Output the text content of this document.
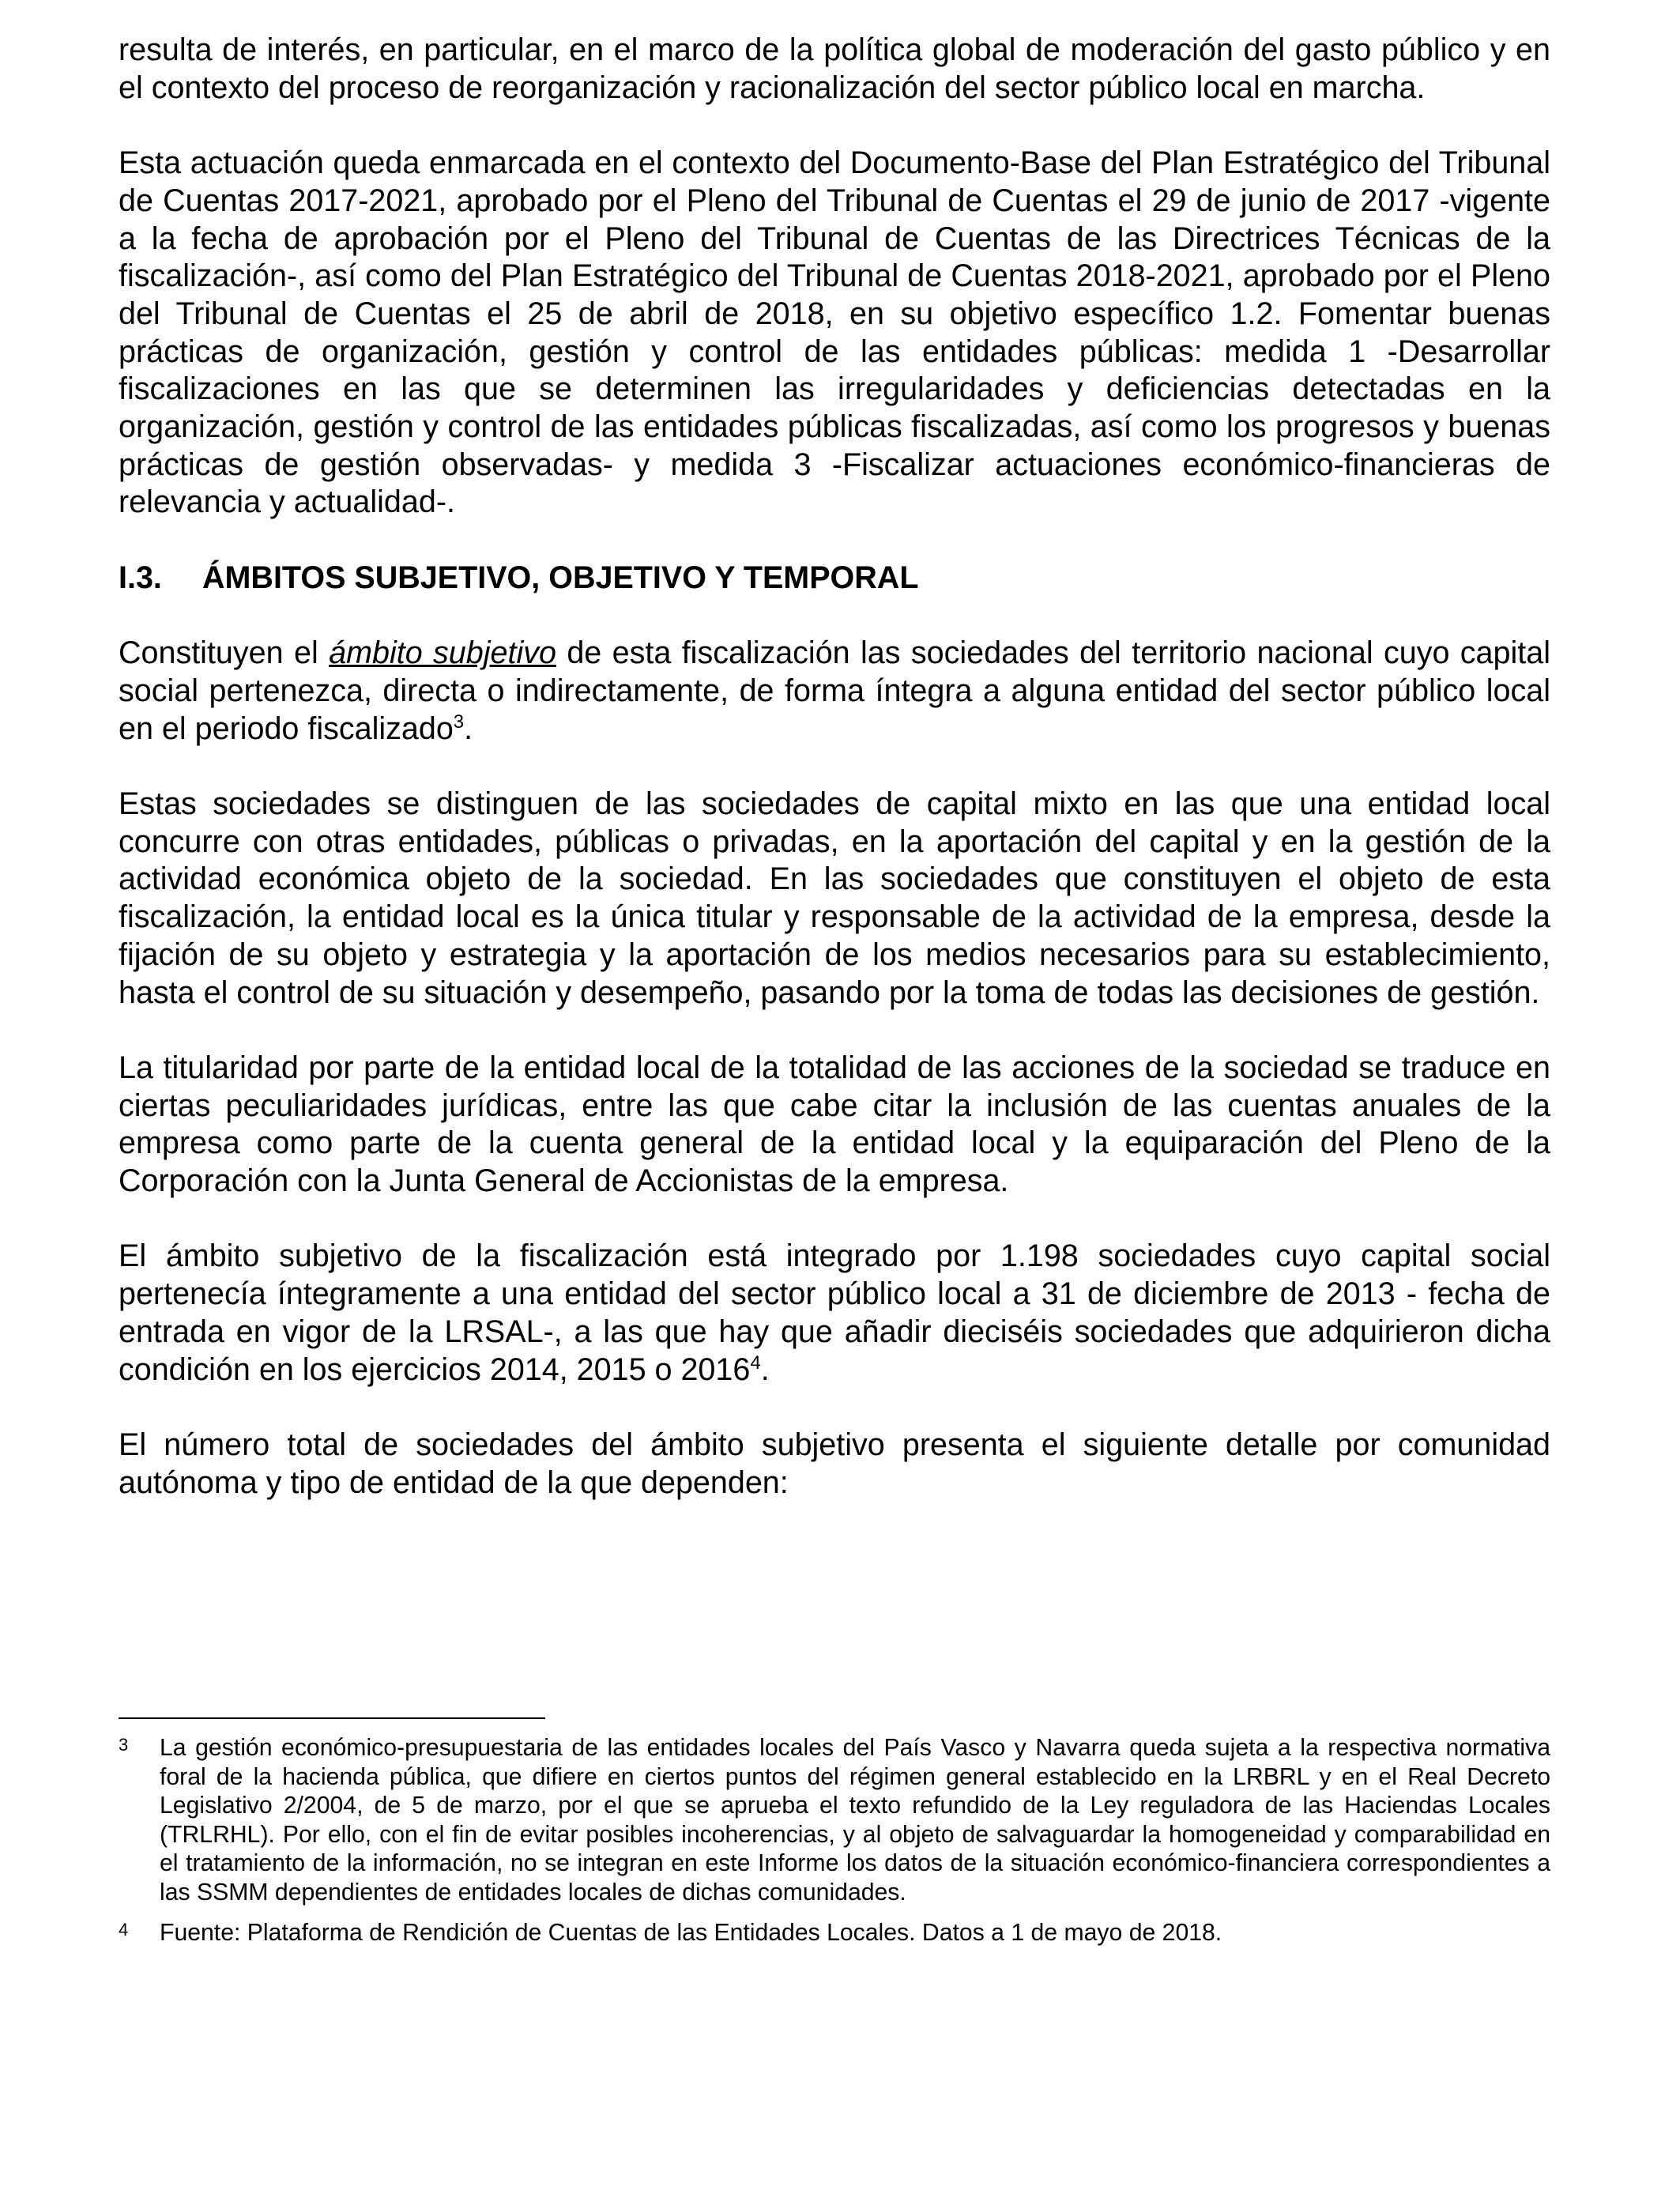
resulta de interés, en particular, en el marco de la política global de moderación del gasto público y en el contexto del proceso de reorganización y racionalización del sector público local en marcha.

Esta actuación queda enmarcada en el contexto del Documento-Base del Plan Estratégico del Tribunal de Cuentas 2017-2021, aprobado por el Pleno del Tribunal de Cuentas el 29 de junio de 2017 -vigente a la fecha de aprobación por el Pleno del Tribunal de Cuentas de las Directrices Técnicas de la fiscalización-, así como del Plan Estratégico del Tribunal de Cuentas 2018-2021, aprobado por el Pleno del Tribunal de Cuentas el 25 de abril de 2018, en su objetivo específico 1.2. Fomentar buenas prácticas de organización, gestión y control de las entidades públicas: medida 1 -Desarrollar fiscalizaciones en las que se determinen las irregularidades y deficiencias detectadas en la organización, gestión y control de las entidades públicas fiscalizadas, así como los progresos y buenas prácticas de gestión observadas- y medida 3 -Fiscalizar actuaciones económico-financieras de relevancia y actualidad-.

I.3. ÁMBITOS SUBJETIVO, OBJETIVO Y TEMPORAL

Constituyen el ámbito subjetivo de esta fiscalización las sociedades del territorio nacional cuyo capital social pertenezca, directa o indirectamente, de forma íntegra a alguna entidad del sector público local en el periodo fiscalizado$^3$.

Estas sociedades se distinguen de las sociedades de capital mixto en las que una entidad local concurre con otras entidades, públicas o privadas, en la aportación del capital y en la gestión de la actividad económica objeto de la sociedad. En las sociedades que constituyen el objeto de esta fiscalización, la entidad local es la única titular y responsable de la actividad de la empresa, desde la fijación de su objeto y estrategia y la aportación de los medios necesarios para su establecimiento, hasta el control de su situación y desempeño, pasando por la toma de todas las decisiones de gestión.

La titularidad por parte de la entidad local de la totalidad de las acciones de la sociedad se traduce en ciertas peculiaridades jurídicas, entre las que cabe citar la inclusión de las cuentas anuales de la empresa como parte de la cuenta general de la entidad local y la equiparación del Pleno de la Corporación con la Junta General de Accionistas de la empresa.

El ámbito subjetivo de la fiscalización está integrado por 1.198 sociedades cuyo capital social pertenecía íntegramente a una entidad del sector público local a 31 de diciembre de 2013 - fecha de entrada en vigor de la LRSAL-, a las que hay que añadir dieciséis sociedades que adquirieron dicha condición en los ejercicios 2014, 2015 o 2016$^4$.

El número total de sociedades del ámbito subjetivo presenta el siguiente detalle por comunidad autónoma y tipo de entidad de la que dependen:

3	La gestión económico-presupuestaria de las entidades locales del País Vasco y Navarra queda sujeta a la respectiva normativa foral de la hacienda pública, que difiere en ciertos puntos del régimen general establecido en la LRBRL y en el Real Decreto Legislativo 2/2004, de 5 de marzo, por el que se aprueba el texto refundido de la Ley reguladora de las Haciendas Locales (TRLRHL). Por ello, con el fin de evitar posibles incoherencias, y al objeto de salvaguardar la homogeneidad y comparabilidad en el tratamiento de la información, no se integran en este Informe los datos de la situación económico-financiera correspondientes a las SSMM dependientes de entidades locales de dichas comunidades.
4	Fuente: Plataforma de Rendición de Cuentas de las Entidades Locales. Datos a 1 de mayo de 2018.
